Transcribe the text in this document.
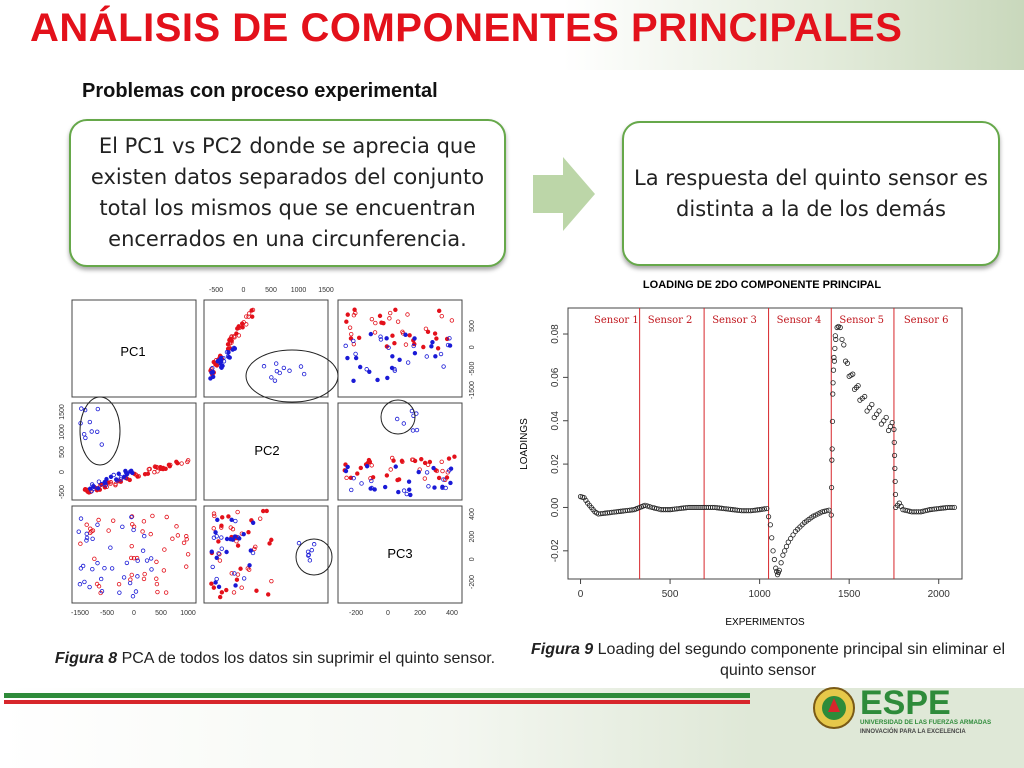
ANÁLISIS DE COMPONENTES PRINCIPALES
Problemas con proceso experimental
El PC1 vs PC2 donde se aprecia que existen datos separados del conjunto total los mismos que se encuentran encerrados en una circunferencia.
La respuesta del quinto sensor es distinta a la de los demás
PC1
PC2
PC3
-500	0	500 1000 1500
-1500 -500	0	500 1000	-200	0	200	400
-500
0
500
1000
1500
500
0
-500
-1500
400
200
0
-200
LOADING DE 2DO COMPONENTE PRINCIPAL
Sensor 1 Sensor 2 Sensor 3 Sensor 4 Sensor 5 Sensor 6
0	500	1000	1500	2000
-0.02
0.00
0.02
0.04
0.06
0.08
EXPERIMENTOS
LOADINGS
Figura 8 PCA de todos los datos sin suprimir el quinto sensor.
Figura 9 Loading del segundo componente principal sin eliminar el quinto sensor
ESPE
UNIVERSIDAD DE LAS FUERZAS ARMADAS
INNOVACIÓN PARA LA EXCELENCIA
